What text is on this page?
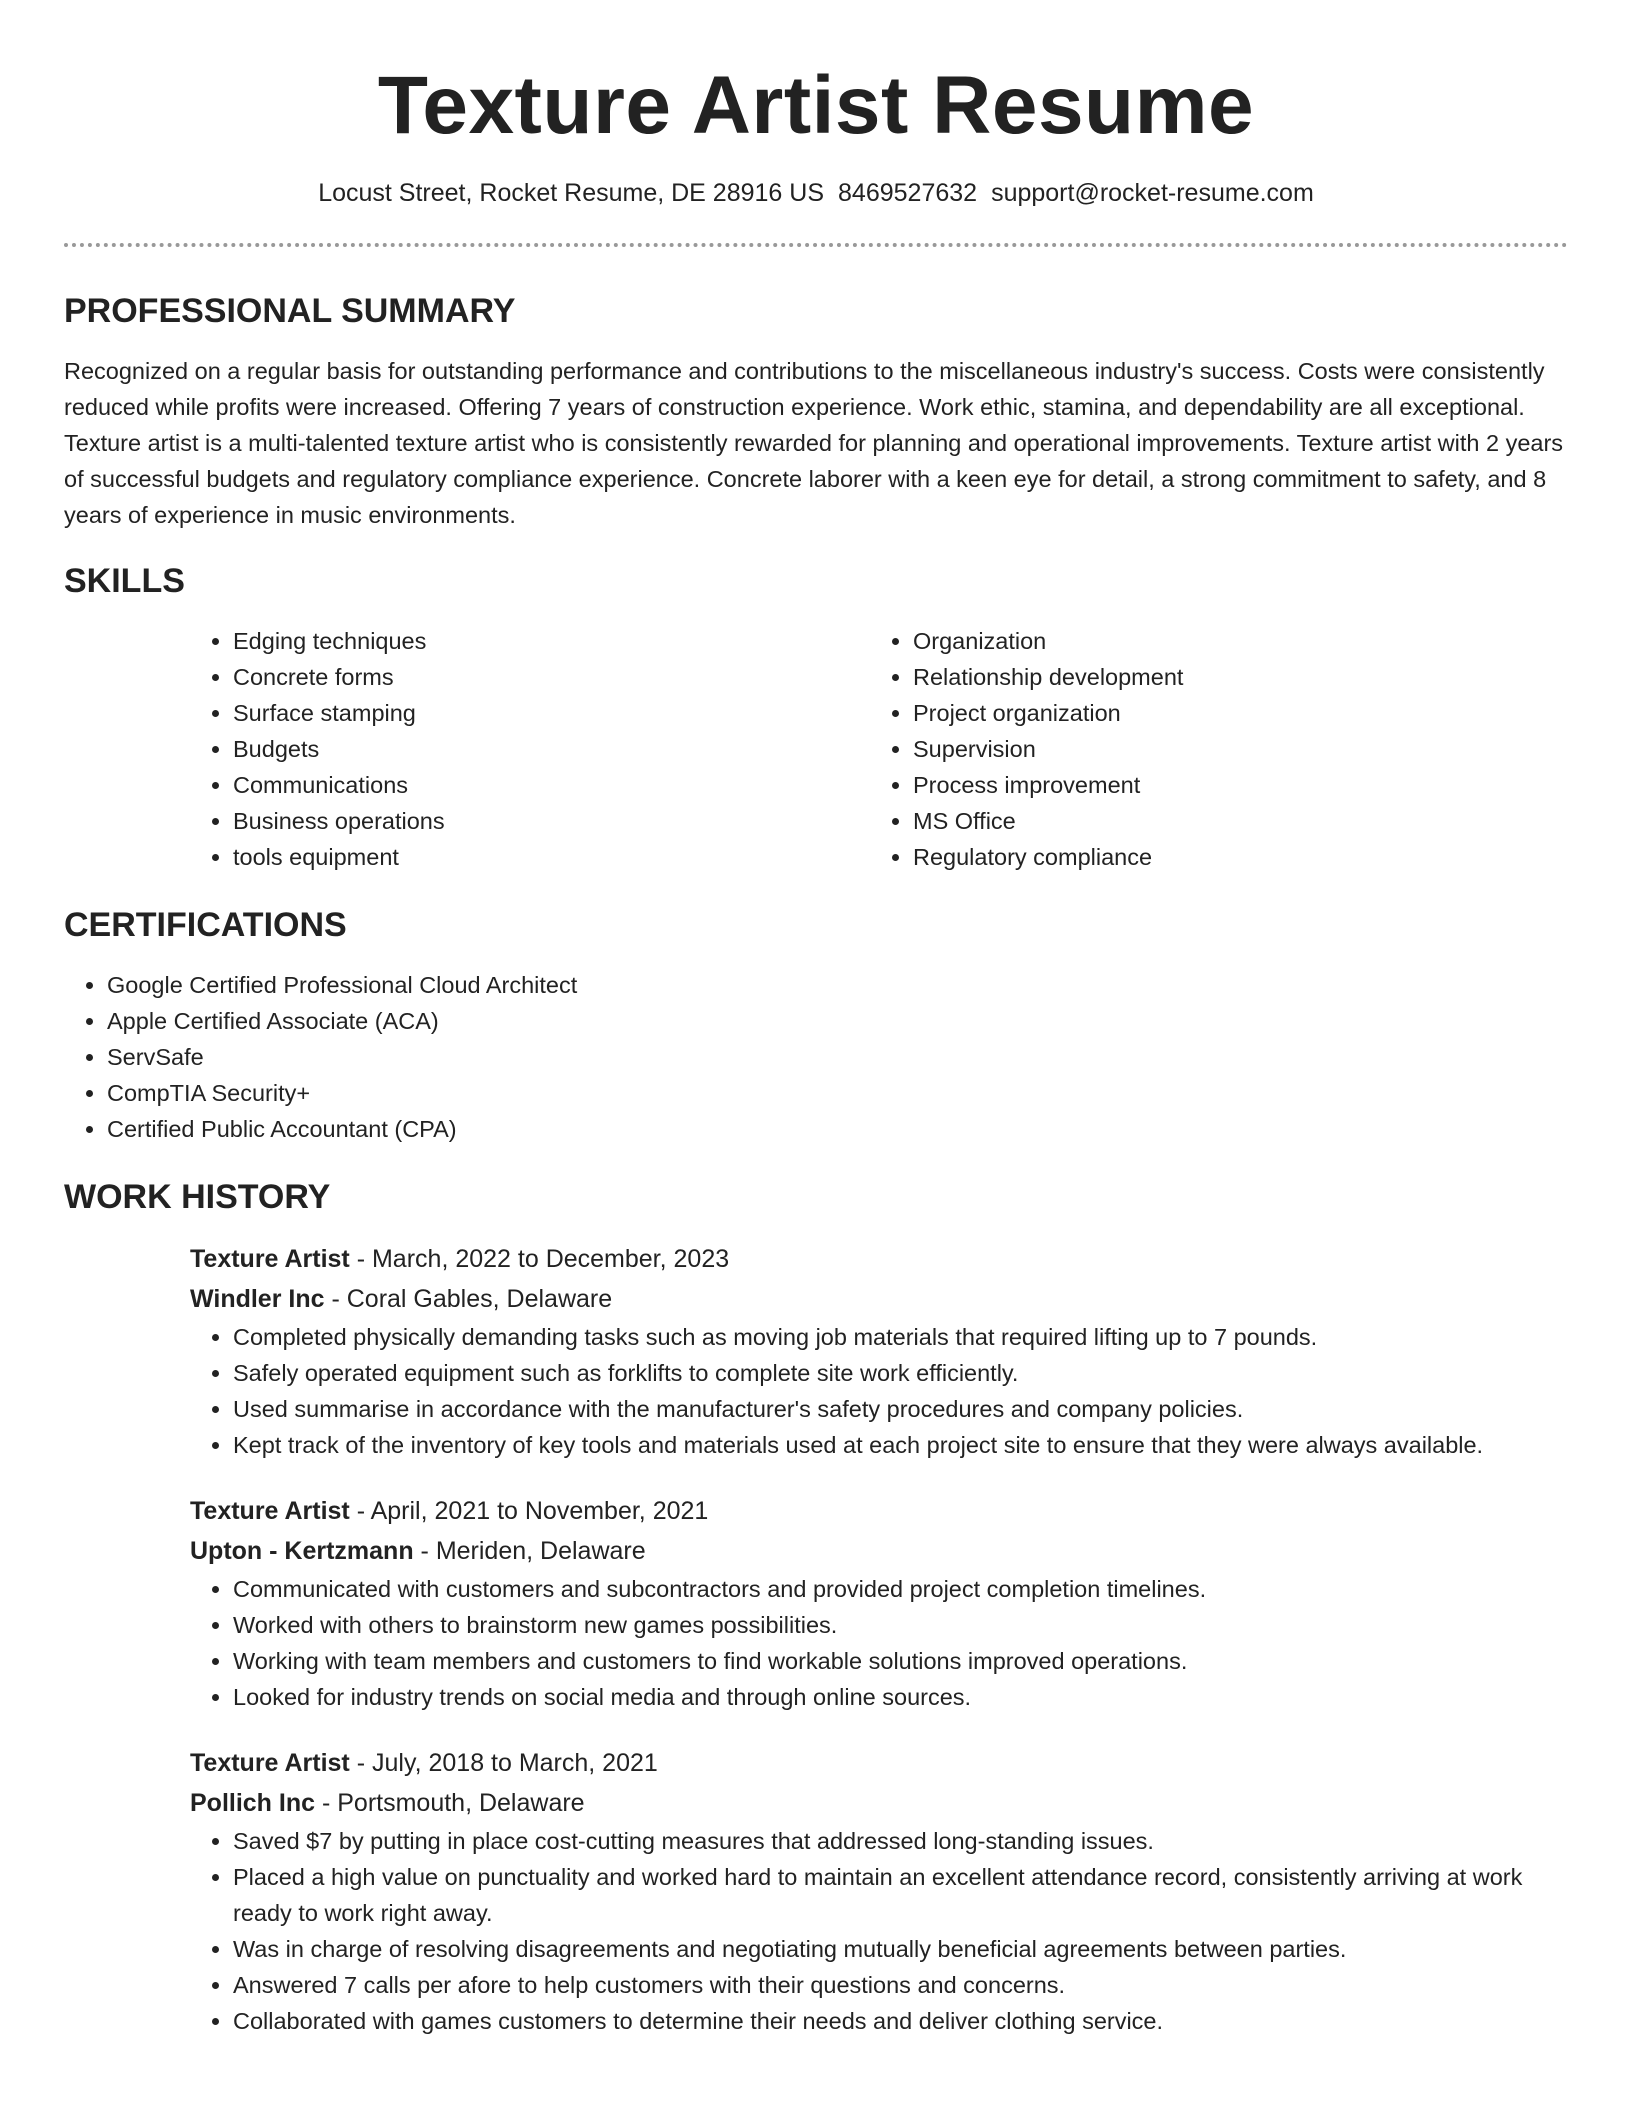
Texture Artist Resume
Locust Street, Rocket Resume, DE 28916 US 8469527632 support@rocket-resume.com
PROFESSIONAL SUMMARY

Recognized on a regular basis for outstanding performance and contributions to the miscellaneous industry's success. Costs were consistently reduced while profits were increased. Offering 7 years of construction experience. Work ethic, stamina, and dependability are all exceptional. Texture artist is a multi-talented texture artist who is consistently rewarded for planning and operational improvements. Texture artist with 2 years of successful budgets and regulatory compliance experience. Concrete laborer with a keen eye for detail, a strong commitment to safety, and 8 years of experience in music environments.

SKILLS
• Edging techniques
• Concrete forms
• Surface stamping
• Budgets
• Communications
• Business operations
• tools equipment
• Organization
• Relationship development
• Project organization
• Supervision
• Process improvement
• MS Office
• Regulatory compliance
CERTIFICATIONS
• Google Certified Professional Cloud Architect
• Apple Certified Associate (ACA)
• ServSafe
• CompTIA Security+
• Certified Public Accountant (CPA)
WORK HISTORY
Texture Artist - March, 2022 to December, 2023
Windler Inc - Coral Gables, Delaware
• Completed physically demanding tasks such as moving job materials that required lifting up to 7 pounds.
• Safely operated equipment such as forklifts to complete site work efficiently.
• Used summarise in accordance with the manufacturer's safety procedures and company policies.
• Kept track of the inventory of key tools and materials used at each project site to ensure that they were always available.
Texture Artist - April, 2021 to November, 2021
Upton - Kertzmann - Meriden, Delaware
• Communicated with customers and subcontractors and provided project completion timelines.
• Worked with others to brainstorm new games possibilities.
• Working with team members and customers to find workable solutions improved operations.
• Looked for industry trends on social media and through online sources.
Texture Artist - July, 2018 to March, 2021
Pollich Inc - Portsmouth, Delaware
• Saved $7 by putting in place cost-cutting measures that addressed long-standing issues.
• Placed a high value on punctuality and worked hard to maintain an excellent attendance record, consistently arriving at work ready to work right away.
• Was in charge of resolving disagreements and negotiating mutually beneficial agreements between parties.
• Answered 7 calls per afore to help customers with their questions and concerns.
• Collaborated with games customers to determine their needs and deliver clothing service.
